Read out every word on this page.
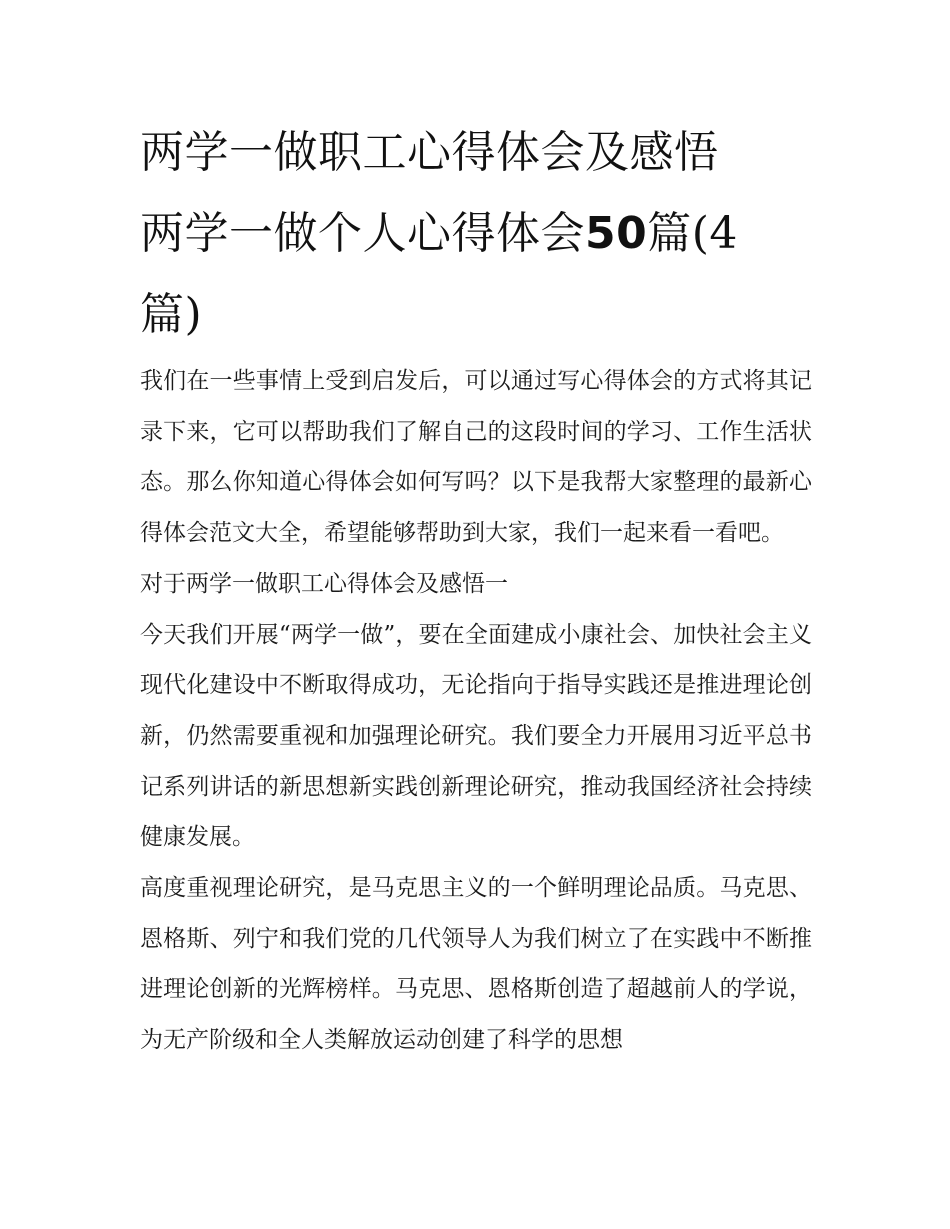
两学一做职工心得体会及感悟
两学一做个人心得体会50篇(4
篇)

我们在一些事情上受到启发后，可以通过写心得体会的方式将其记录下来，它可以帮助我们了解自己的这段时间的学习、工作生活状态。那么你知道心得体会如何写吗？以下是我帮大家整理的最新心得体会范文大全，希望能够帮助到大家，我们一起来看一看吧。

对于两学一做职工心得体会及感悟一

今天我们开展“两学一做”，要在全面建成小康社会、加快社会主义现代化建设中不断取得成功，无论指向于指导实践还是推进理论创新，仍然需要重视和加强理论研究。我们要全力开展用习近平总书记系列讲话的新思想新实践创新理论研究，推动我国经济社会持续健康发展。

高度重视理论研究，是马克思主义的一个鲜明理论品质。马克思、恩格斯、列宁和我们党的几代领导人为我们树立了在实践中不断推进理论创新的光辉榜样。马克思、恩格斯创造了超越前人的学说，为无产阶级和全人类解放运动创建了科学的思想
